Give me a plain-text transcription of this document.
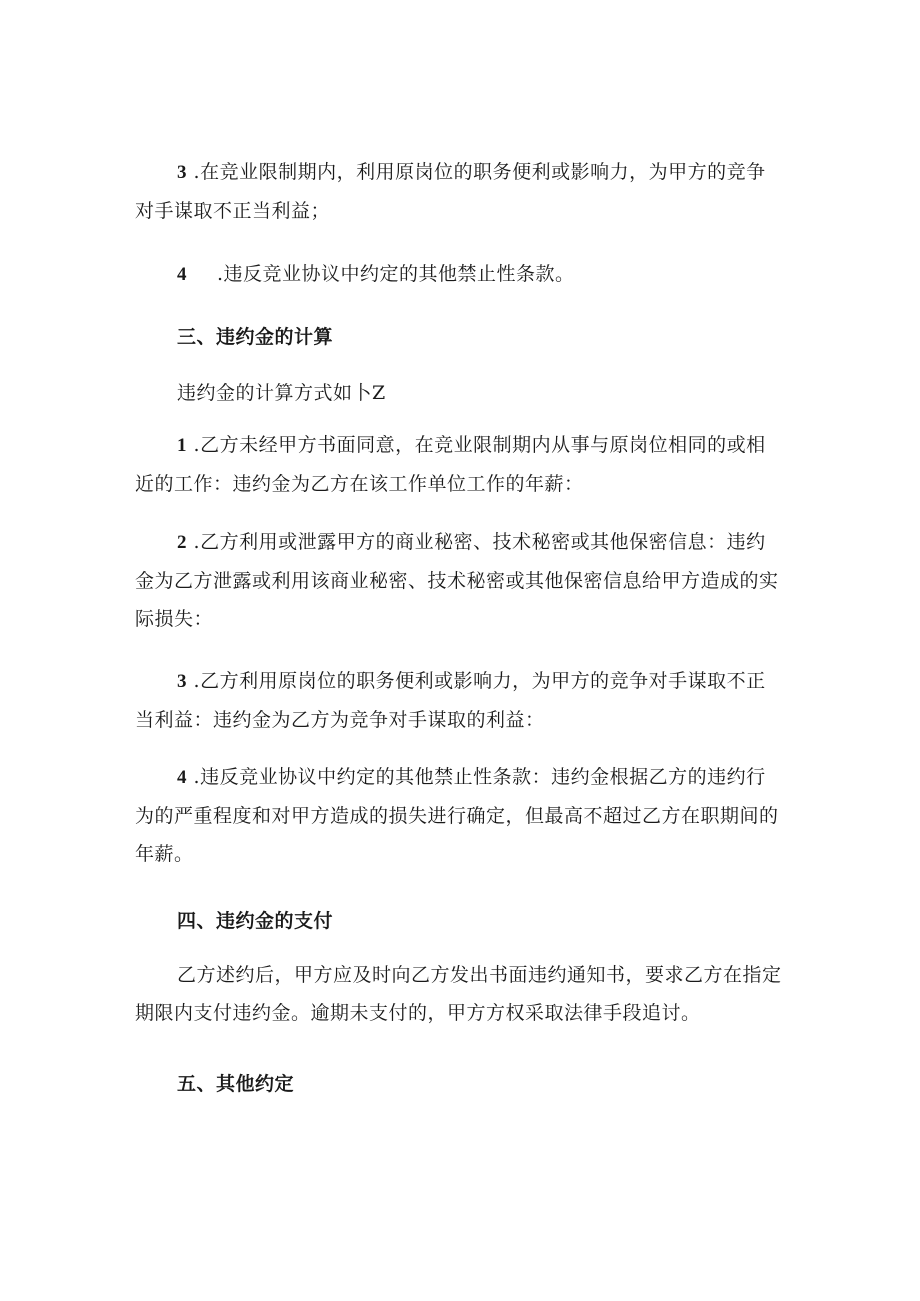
3 .在竞业限制期内，利用原岗位的职务便利或影响力，为甲方的竞争对手谋取不正当利益；
4 .违反竞业协议中约定的其他禁止性条款。
三、违约金的计算
违约金的计算方式如卜Z
1 .乙方未经甲方书面同意，在竞业限制期内从事与原岗位相同的或相近的工作：违约金为乙方在该工作单位工作的年薪：
2 .乙方利用或泄露甲方的商业秘密、技术秘密或其他保密信息：违约金为乙方泄露或利用该商业秘密、技术秘密或其他保密信息给甲方造成的实际损失：
3 .乙方利用原岗位的职务便利或影响力，为甲方的竞争对手谋取不正当利益：违约金为乙方为竞争对手谋取的利益：
4 .违反竞业协议中约定的其他禁止性条款：违约金根据乙方的违约行为的严重程度和对甲方造成的损失进行确定，但最高不超过乙方在职期间的年薪。
四、违约金的支付
乙方述约后，甲方应及时向乙方发出书面违约通知书，要求乙方在指定期限内支付违约金。逾期未支付的，甲方方权采取法律手段追讨。
五、其他约定
